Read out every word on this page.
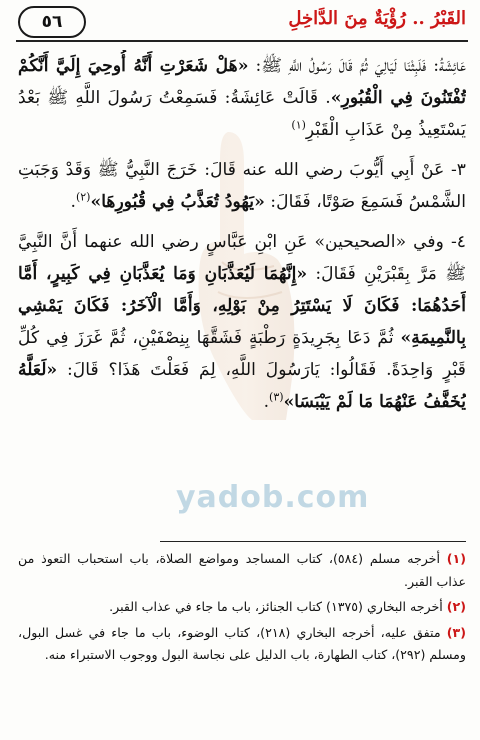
٥٦	القَبْرُ .. رُؤْيَةٌ مِنَ الدَّاخِلِ

عَائِشَةُ: فَلَبِثْنَا لَيَالِيَ ثُمَّ قَالَ رَسُولُ اللَّهِ ﷺ: «هَلْ شَعَرْتِ أَنَّهُ أُوحِيَ إِلَيَّ أَنَّكُمْ تُفْتَنُونَ فِي الْقُبُورِ». قَالَتْ عَائِشَةُ: فَسَمِعْتُ رَسُولَ اللَّهِ ﷺ بَعْدُ يَسْتَعِيذُ مِنْ عَذَابِ الْقَبْرِ$^{(١)}$

٣- عَنْ أَبِي أَيُّوبَ رضي الله عنه قَالَ: خَرَجَ النَّبِيُّ ﷺ وَقَدْ وَجَبَتِ الشَّمْسُ فَسَمِعَ صَوْتًا، فَقَالَ: «يَهُودُ تُعَذَّبُ فِي قُبُورِهَا»$^{(٢)}$.

٤- وفي «الصحيحين» عَنِ ابْنِ عَبَّاسٍ رضي الله عنهما أَنَّ النَّبِيَّ ﷺ مَرَّ بِقَبْرَيْنِ فَقَالَ: «إِنَّهُمَا لَيُعَذَّبَانِ وَمَا يُعَذَّبَانِ فِي كَبِيرٍ، أَمَّا أَحَدُهُمَا: فَكَانَ لَا يَسْتَتِرُ مِنْ بَوْلِهِ، وَأَمَّا الْآخَرُ: فَكَانَ يَمْشِي بِالنَّمِيمَةِ» ثُمَّ دَعَا بِجَرِيدَةٍ رَطْبَةٍ فَشَقَّهَا بِنِصْفَيْنِ، ثُمَّ غَرَزَ فِي كُلِّ قَبْرٍ وَاحِدَةً. فَقَالُوا: يَارَسُولَ اللَّهِ، لِمَ فَعَلْتَ هَذَا؟ قَالَ: «لَعَلَّهُ يُخَفَّفُ عَنْهُمَا مَا لَمْ يَيْبَسَا»$^{(٣)}$.

yadob.com

(١) أخرجه مسلم (٥٨٤)، كتاب المساجد ومواضع الصلاة، باب استحباب التعوذ من عذاب القبر.

(٢) أخرجه البخاري (١٣٧٥) كتاب الجنائز، باب ما جاء في عذاب القبر.

(٣) متفق عليه، أخرجه البخاري (٢١٨)، كتاب الوضوء، باب ما جاء في غسل البول، ومسلم (٢٩٢)، كتاب الطهارة، باب الدليل على نجاسة البول ووجوب الاستبراء منه.
